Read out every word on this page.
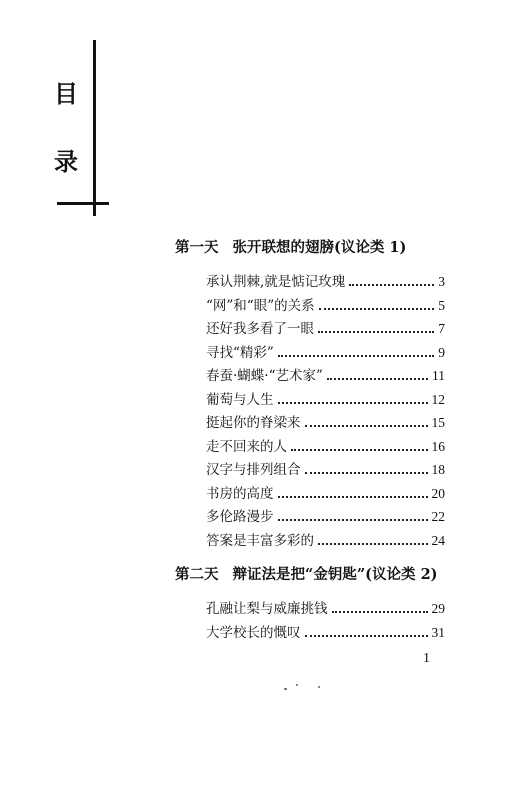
目
录
第一天 张开联想的翅膀(议论类 1)
承认荆棘,就是惦记玫瑰	3
“网”和“眼”的关系	5
还好我多看了一眼	7
寻找“精彩”	9
春蚕·蝴蝶·“艺术家”	11
葡萄与人生	12
挺起你的脊梁来	15
走不回来的人	16
汉字与排列组合	18
书房的高度	20
多伦路漫步	22
答案是丰富多彩的	24
第二天 辩证法是把“金钥匙”(议论类 2)
孔融让梨与威廉挑钱	29
大学校长的慨叹	31
1
